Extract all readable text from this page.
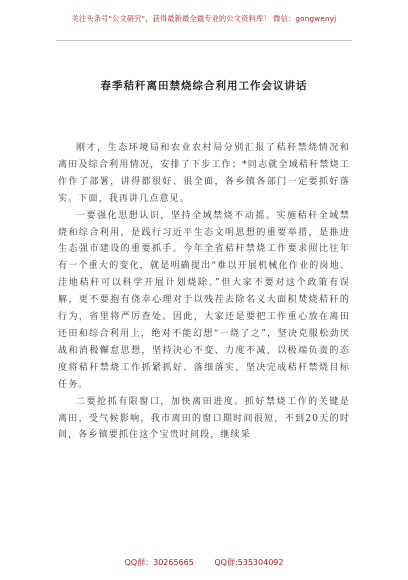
关注头条号"公文研究"，获得最新最全最专业的公文资料库！ 微信：gongwenyj
春季秸秆离田禁烧综合利用工作会议讲话

刚才，生态环境局和农业农村局分别汇报了秸秆禁烧情况和离田及综合利用情况，安排了下步工作；*同志就全域秸秆禁烧工作作了部署，讲得都很好、很全面，各乡镇各部门一定要抓好落实。下面，我再讲几点意见。

一要强化思想认识，坚持全域禁烧不动摇。实施秸秆全域禁烧和综合利用，是践行习近平生态文明思想的重要举措，是推进生态强市建设的重要抓手。今年全省秸秆禁烧工作要求照比往年有一个重大的变化，就是明确提出“难以开展机械化作业的岗地、洼地秸秆可以科学开展计划烧除。”但大家不要对这个政策有误解，更不要抱有侥幸心理对于以残茬去除名义大面积焚烧秸秆的行为，省里将严厉查处。因此，大家还是要把工作重心放在离田还田和综合利用上，绝对不能幻想“一烧了之”，坚决克服松劲厌战和消极懈怠思想，坚持决心不变、力度不减，以极端负责的态度将秸秆禁烧工作抓紧抓好、落细落实，坚决完成秸秆禁烧目标任务。

二要抢抓有限窗口，加快离田进度。抓好禁烧工作的关键是离田，受气候影响，我市离田的窗口期时间很短，不到20天的时间，各乡镇要抓住这个宝贵时间段，继续采

QQ群：30265665	QQ群:535304092
